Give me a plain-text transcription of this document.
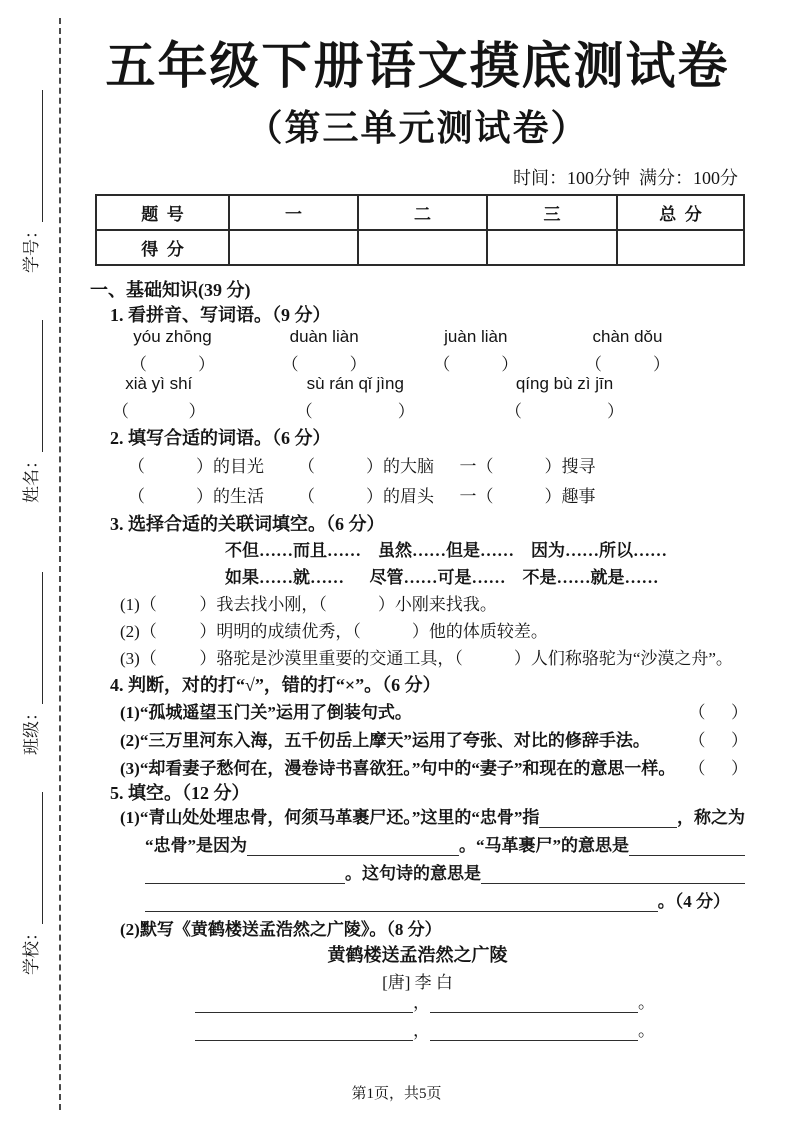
学号：
姓名：
班级：
学校：
五年级下册语文摸底测试卷
（第三单元测试卷）
时间：100分钟  满分：100分
题  号	一	二	三	总  分
得  分				
一、基础知识(39 分)
1. 看拼音、写词语。（9 分）
yóu zhōng
（            ）
duàn liàn
（            ）
juàn liàn
（            ）
chàn dǒu
（            ）
xià yì shí
（              ）
sù rán qǐ jìng
（                    ）
qíng bù zì jīn
（                    ）
2. 填写合适的词语。（6 分）
（            ）的目光        （            ）的大脑      一（            ）搜寻
（            ）的生活        （            ）的眉头      一（            ）趣事
3. 选择合适的关联词填空。（6 分）
不但……而且……    虽然……但是……    因为……所以……
如果……就……      尽管……可是……    不是……就是……
(1)（          ）我去找小刚，（            ）小刚来找我。
(2)（          ）明明的成绩优秀，（            ）他的体质较差。
(3)（          ）骆驼是沙漠里重要的交通工具，（            ）人们称骆驼为“沙漠之舟”。
4. 判断，对的打“√”，错的打“×”。（6 分）
(1)“孤城遥望玉门关”运用了倒装句式。	（      ）
(2)“三万里河东入海，五千仞岳上摩天”运用了夸张、对比的修辞手法。 （      ）
(3)“却看妻子愁何在，漫卷诗书喜欲狂。”句中的“妻子”和现在的意思一样。 （      ）
5. 填空。（12 分）
(1)“青山处处埋忠骨，何须马革裹尸还。”这里的“忠骨”指	，称之为
“忠骨”是因为	。“马革裹尸”的意思是
。这句诗的意思是
。（4 分）
(2)默写《黄鹤楼送孟浩然之广陵》。（8 分）
黄鹤楼送孟浩然之广陵
[唐] 李 白
，	。
，	。
第1页，共5页
